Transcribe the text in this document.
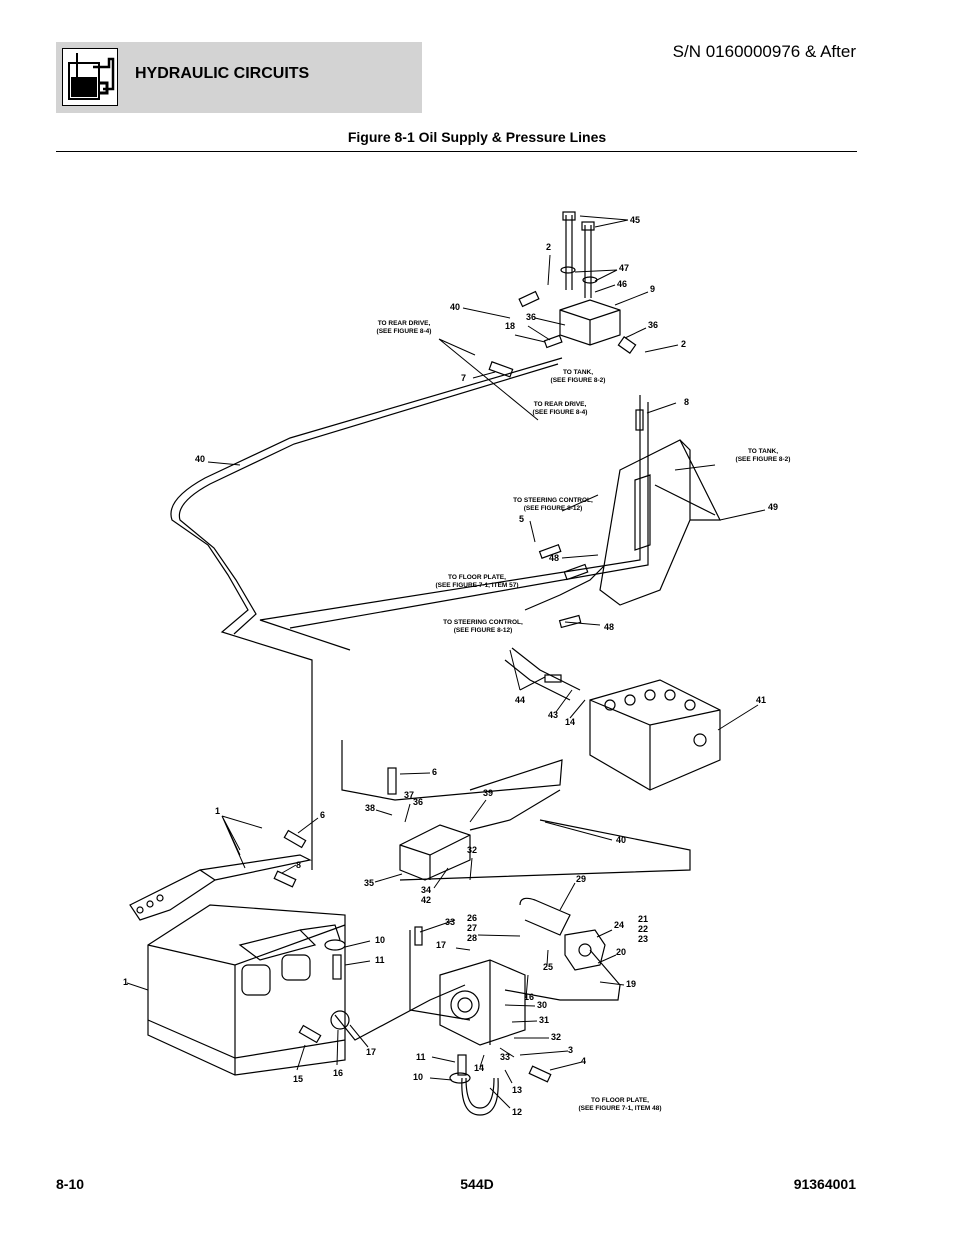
HYDRAULIC CIRCUITS
S/N 0160000976 & After
Figure 8-1 Oil Supply & Pressure Lines
45
2
47
46	9
40
36
36
18
2
7
8
40
49
5
48
48
44
43
14
41
6
38
37
36
39
1	6
8
40
35
32
34
42
29
33 26
27
28
24
21
22
23
17
20
25
10
11
1	19
16
30
31
32
3
33	4
17
15
16
11
14
10
13
12
TO REAR DRIVE,
(SEE FIGURE 8-4)
TO TANK,
(SEE FIGURE 8-2)
TO REAR DRIVE,
(SEE FIGURE 8-4)
TO TANK,
(SEE FIGURE 8-2)
TO STEERING CONTROL,
(SEE FIGURE 8-12)
TO FLOOR PLATE,
(SEE FIGURE 7-1, ITEM 57)
TO STEERING CONTROL,
(SEE FIGURE 8-12)
TO FLOOR PLATE,
(SEE FIGURE 7-1, ITEM 48)
8-10	544D	91364001
